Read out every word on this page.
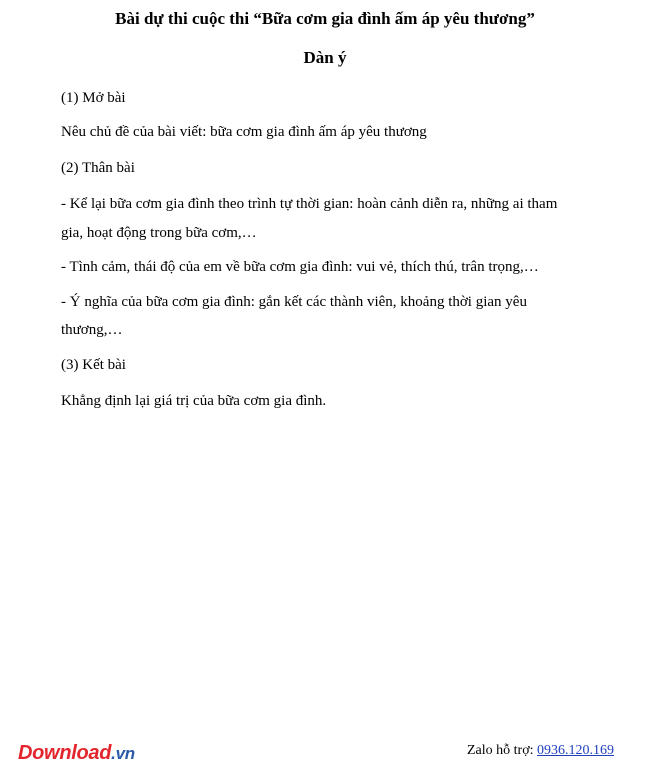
Bài dự thi cuộc thi “Bữa cơm gia đình ấm áp yêu thương”
Dàn ý

(1) Mở bài

Nêu chủ đề của bài viết: bữa cơm gia đình ấm áp yêu thương

(2) Thân bài

- Kể lại bữa cơm gia đình theo trình tự thời gian: hoàn cảnh diễn ra, những ai tham

gia, hoạt động trong bữa cơm,…

- Tình cảm, thái độ của em về bữa cơm gia đình: vui vẻ, thích thú, trân trọng,…

- Ý nghĩa của bữa cơm gia đình: gắn kết các thành viên, khoảng thời gian yêu

thương,…

(3) Kết bài

Khẳng định lại giá trị của bữa cơm gia đình.

Download.vn	Zalo hỗ trợ: 0936.120.169
